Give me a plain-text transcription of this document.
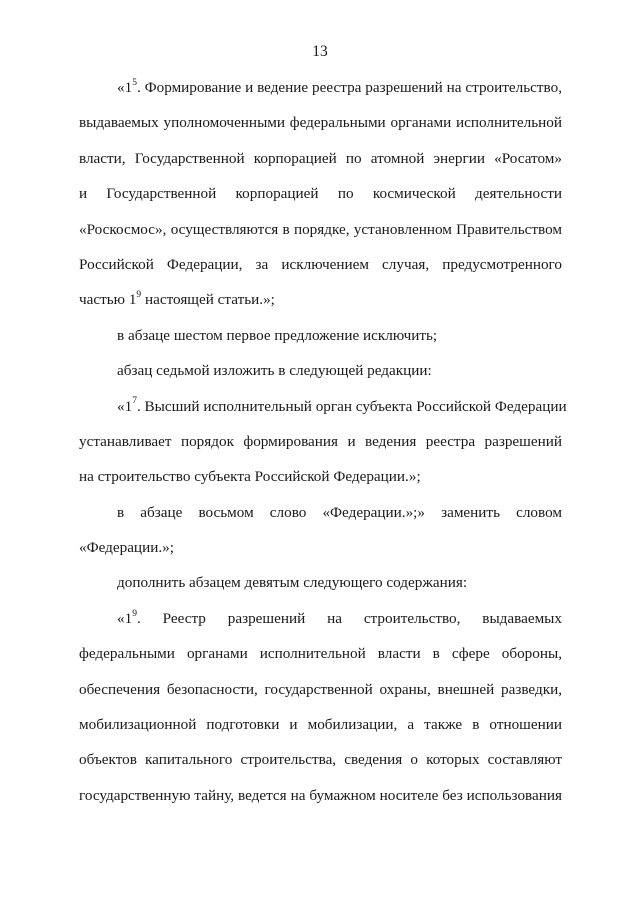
13
«$1^5$. Формирование и ведение реестра разрешений на строительство,
выдаваемых уполномоченными федеральными органами исполнительной
власти, Государственной корпорацией по атомной энергии «Росатом»
и Государственной корпорацией по космической деятельности
«Роскосмос», осуществляются в порядке, установленном Правительством
Российской Федерации, за исключением случая, предусмотренного
частью $1^9$ настоящей статьи.»;
в абзаце шестом первое предложение исключить;
абзац седьмой изложить в следующей редакции:
«$1^7$. Высший исполнительный орган субъекта Российской Федерации
устанавливает порядок формирования и ведения реестра разрешений
на строительство субъекта Российской Федерации.»;
в абзаце восьмом слово «Федерации.»;» заменить словом
«Федерации.»;
дополнить абзацем девятым следующего содержания:
«$1^9$. Реестр разрешений на строительство, выдаваемых
федеральными органами исполнительной власти в сфере обороны,
обеспечения безопасности, государственной охраны, внешней разведки,
мобилизационной подготовки и мобилизации, а также в отношении
объектов капитального строительства, сведения о которых составляют
государственную тайну, ведется на бумажном носителе без использования
